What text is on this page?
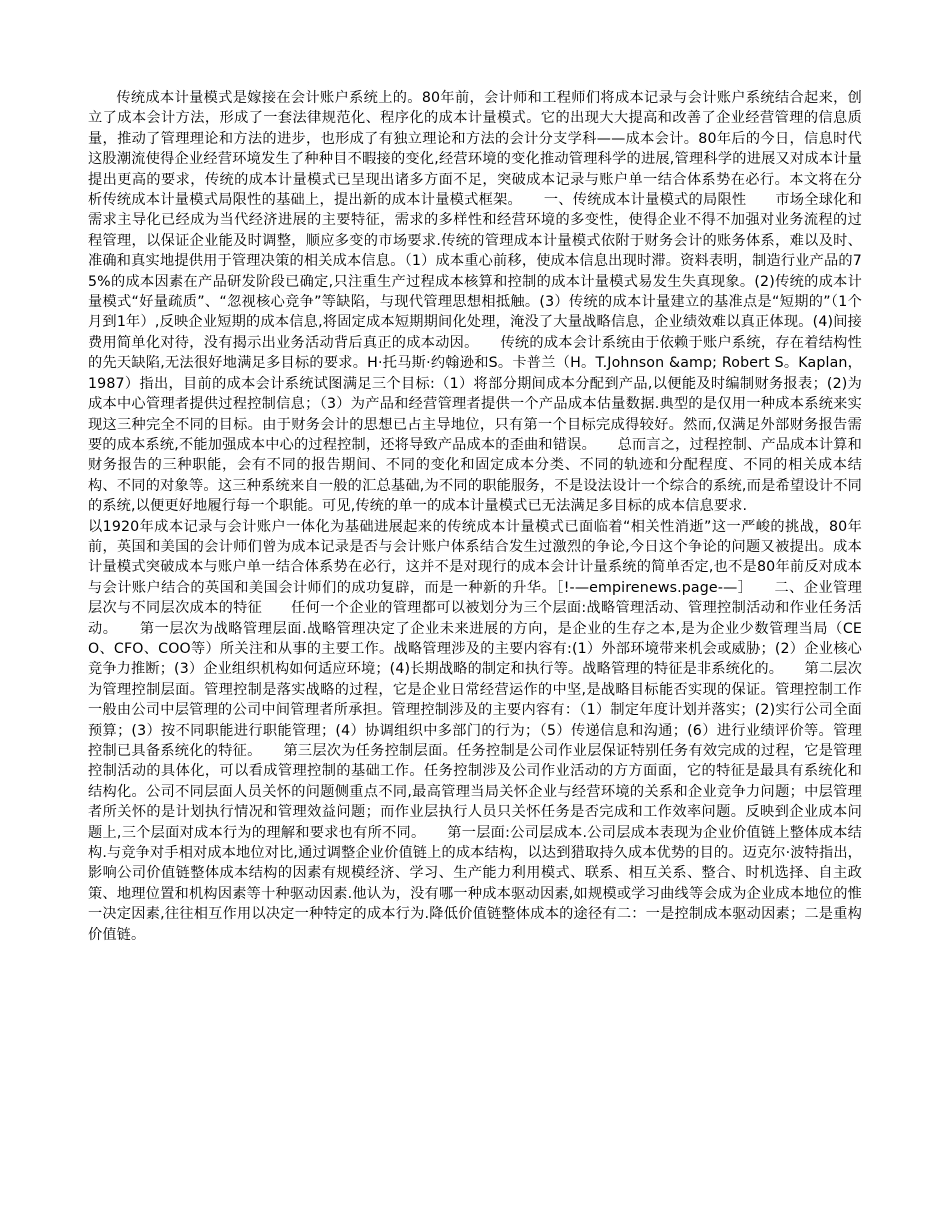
传统成本计量模式是嫁接在会计账户系统上的。80年前，会计师和工程师们将成本记录与会计账户系统结合起来，创立了成本会计方法，形成了一套法律规范化、程序化的成本计量模式。它的出现大大提高和改善了企业经营管理的信息质量，推动了管理理论和方法的进步，也形成了有独立理论和方法的会计分支学科——成本会计。80年后的今日，信息时代这股潮流使得企业经营环境发生了种种目不暇接的变化,经营环境的变化推动管理科学的进展,管理科学的进展又对成本计量提出更高的要求，传统的成本计量模式已呈现出诸多方面不足，突破成本记录与账户单一结合体系势在必行。本文将在分析传统成本计量模式局限性的基础上，提出新的成本计量模式框架。　　一、传统成本计量模式的局限性　　市场全球化和需求主导化已经成为当代经济进展的主要特征，需求的多样性和经营环境的多变性，使得企业不得不加强对业务流程的过程管理，以保证企业能及时调整，顺应多变的市场要求.传统的管理成本计量模式依附于财务会计的账务体系，难以及时、准确和真实地提供用于管理决策的相关成本信息。（1）成本重心前移，使成本信息出现时滞。资料表明，制造行业产品的75%的成本因素在产品研发阶段已确定,只注重生产过程成本核算和控制的成本计量模式易发生失真现象。(2)传统的成本计量模式“好量疏质”、“忽视核心竞争”等缺陷，与现代管理思想相抵触。(3）传统的成本计量建立的基准点是“短期的”（1个月到1年）,反映企业短期的成本信息,将固定成本短期期间化处理，淹没了大量战略信息，企业绩效难以真正体现。(4)间接费用简单化对待，没有揭示出业务活动背后真正的成本动因。　　传统的成本会计系统由于依赖于账户系统，存在着结构性的先天缺陷,无法很好地满足多目标的要求。H·托马斯·约翰逊和S。卡普兰（H。T.Johnson &amp; Robert S。Kaplan，1987）指出，目前的成本会计系统试图满足三个目标:（1）将部分期间成本分配到产品,以便能及时编制财务报表；(2)为成本中心管理者提供过程控制信息；（3）为产品和经营管理者提供一个产品成本估量数据.典型的是仅用一种成本系统来实现这三种完全不同的目标。由于财务会计的思想已占主导地位，只有第一个目标完成得较好。然而,仅满足外部财务报告需要的成本系统,不能加强成本中心的过程控制，还将导致产品成本的歪曲和错误。　　总而言之，过程控制、产品成本计算和财务报告的三种职能，会有不同的报告期间、不同的变化和固定成本分类、不同的轨迹和分配程度、不同的相关成本结构、不同的对象等。这三种系统来自一般的汇总基础,为不同的职能服务，不是设法设计一个综合的系统,而是希望设计不同的系统,以便更好地履行每一个职能。可见,传统的单一的成本计量模式已无法满足多目标的成本信息要求.

以1920年成本记录与会计账户一体化为基础进展起来的传统成本计量模式已面临着“相关性消逝”这一严峻的挑战，80年前，英国和美国的会计师们曾为成本记录是否与会计账户体系结合发生过激烈的争论,今日这个争论的问题又被提出。成本计量模式突破成本与账户单一结合体系势在必行，这并不是对现行的成本会计计量系统的简单否定,也不是80年前反对成本与会计账户结合的英国和美国会计师们的成功复辟，而是一种新的升华。［!-—empirenews.page-—］　　二、企业管理层次与不同层次成本的特征　　任何一个企业的管理都可以被划分为三个层面:战略管理活动、管理控制活动和作业任务活动。　　第一层次为战略管理层面.战略管理决定了企业未来进展的方向，是企业的生存之本,是为企业少数管理当局（CEO、CFO、COO等）所关注和从事的主要工作。战略管理涉及的主要内容有:(1）外部环境带来机会或威胁；(2）企业核心竞争力推断；(3）企业组织机构如何适应环境；(4)长期战略的制定和执行等。战略管理的特征是非系统化的。　　第二层次为管理控制层面。管理控制是落实战略的过程，它是企业日常经营运作的中坚,是战略目标能否实现的保证。管理控制工作一般由公司中层管理的公司中间管理者所承担。管理控制涉及的主要内容有：（1）制定年度计划并落实；(2)实行公司全面预算；(3）按不同职能进行职能管理；(4）协调组织中多部门的行为；（5）传递信息和沟通；(6）进行业绩评价等。管理控制已具备系统化的特征。　　第三层次为任务控制层面。任务控制是公司作业层保证特别任务有效完成的过程，它是管理控制活动的具体化，可以看成管理控制的基础工作。任务控制涉及公司作业活动的方方面面，它的特征是最具有系统化和结构化。公司不同层面人员关怀的问题侧重点不同,最高管理当局关怀企业与经营环境的关系和企业竞争力问题；中层管理者所关怀的是计划执行情况和管理效益问题；而作业层执行人员只关怀任务是否完成和工作效率问题。反映到企业成本问题上,三个层面对成本行为的理解和要求也有所不同。　　第一层面:公司层成本.公司层成本表现为企业价值链上整体成本结构.与竞争对手相对成本地位对比,通过调整企业价值链上的成本结构，以达到猎取持久成本优势的目的。迈克尔·波特指出，影响公司价值链整体成本结构的因素有规模经济、学习、生产能力利用模式、联系、相互关系、整合、时机选择、自主政策、地理位置和机构因素等十种驱动因素.他认为，没有哪一种成本驱动因素,如规模或学习曲线等会成为企业成本地位的惟一决定因素,往往相互作用以决定一种特定的成本行为.降低价值链整体成本的途径有二：一是控制成本驱动因素；二是重构价值链。
